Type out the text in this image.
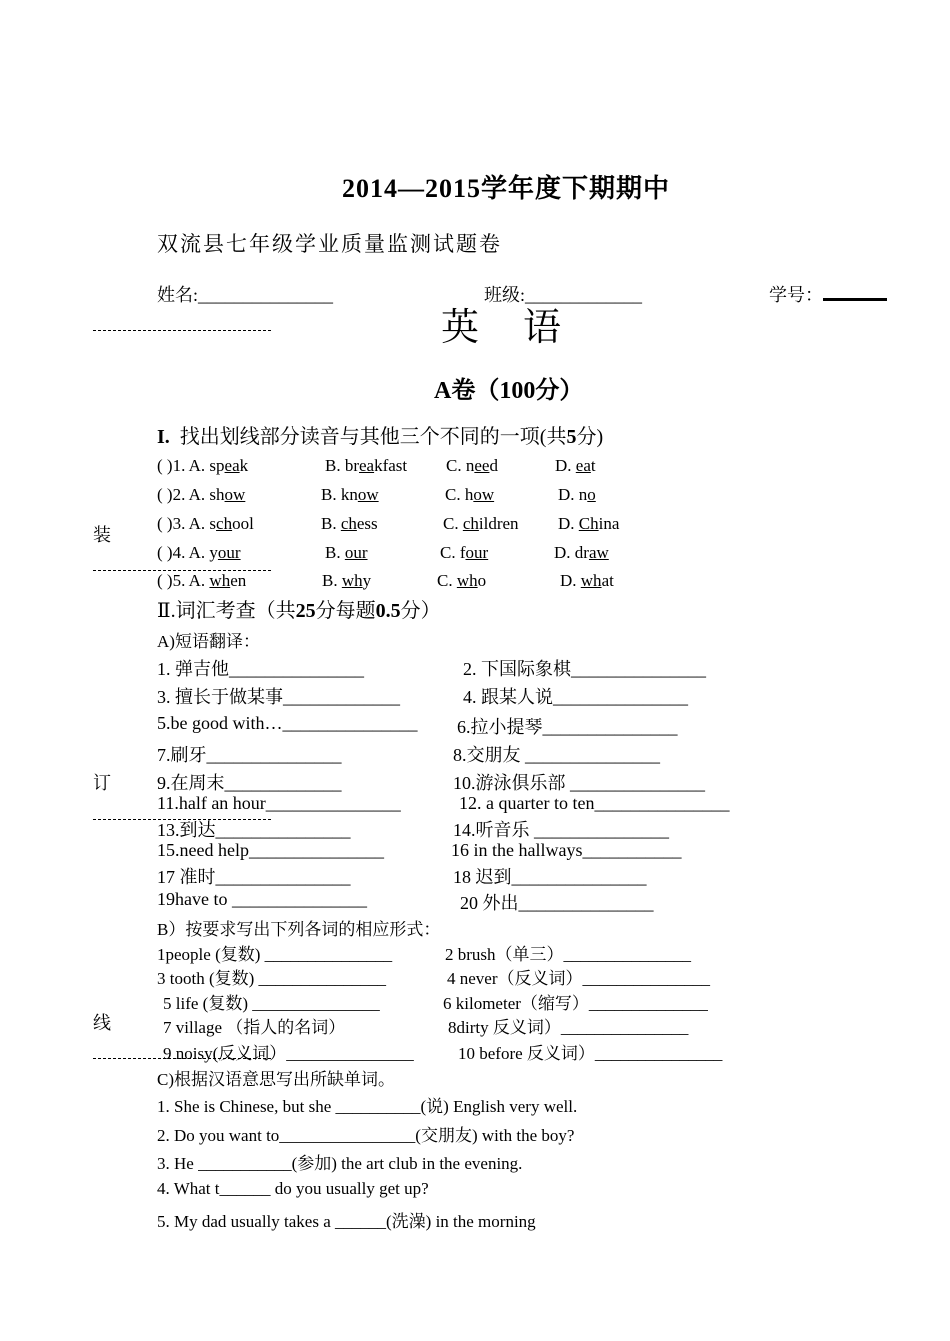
2014—2015学年度下期期中
双流县七年级学业质量监测试题卷
姓名:_______________	班级:_____________	学号：
英语
A卷（100分）
装
订
线
I. 找出划线部分读音与其他三个不同的一项(共5分)
( )1. A. speak	B. breakfast C. need	D. eat
( )2. A. show	B. know	C. how	D. no
( )3. A. school	B. chess	C. children D. China
( )4. A. your	B. our	C. four	D. draw
( )5. A. when	B. why	C. who	D. what
Ⅱ.词汇考查（共25分每题0.5分）
A)短语翻译：
1. 弹吉他_______________	2. 下国际象棋_______________
3. 擅长于做某事_____________	4. 跟某人说_______________
5.be good with…_______________ 6.拉小提琴_______________
7.刷牙_______________	8.交朋友 _______________
9.在周末_____________	10.游泳俱乐部 _______________
11.half an hour_______________	12. a quarter to ten_______________
13.到达_______________	14.听音乐 _______________
15.need help_______________	16 in the hallways___________
17 准时_______________	18 迟到_______________
19have to _______________	20 外出_______________
B）按要求写出下列各词的相应形式：
1people (复数) _______________	2 brush（单三）_______________
3 tooth (复数) _______________	4 never（反义词）_______________
5 life (复数) _______________	6 kilometer（缩写）______________
7 village （指人的名词）	8dirty 反义词）_______________
9 noisy(反义词）_______________	10 before 反义词）_______________
C)根据汉语意思写出所缺单词。
1. She is Chinese, but she __________(说) English very well.
2. Do you want to________________(交朋友) with the boy?
3. He ___________(参加) the art club in the evening.
4. What t______ do you usually get up?
5. My dad usually takes a ______(洗澡) in the morning
